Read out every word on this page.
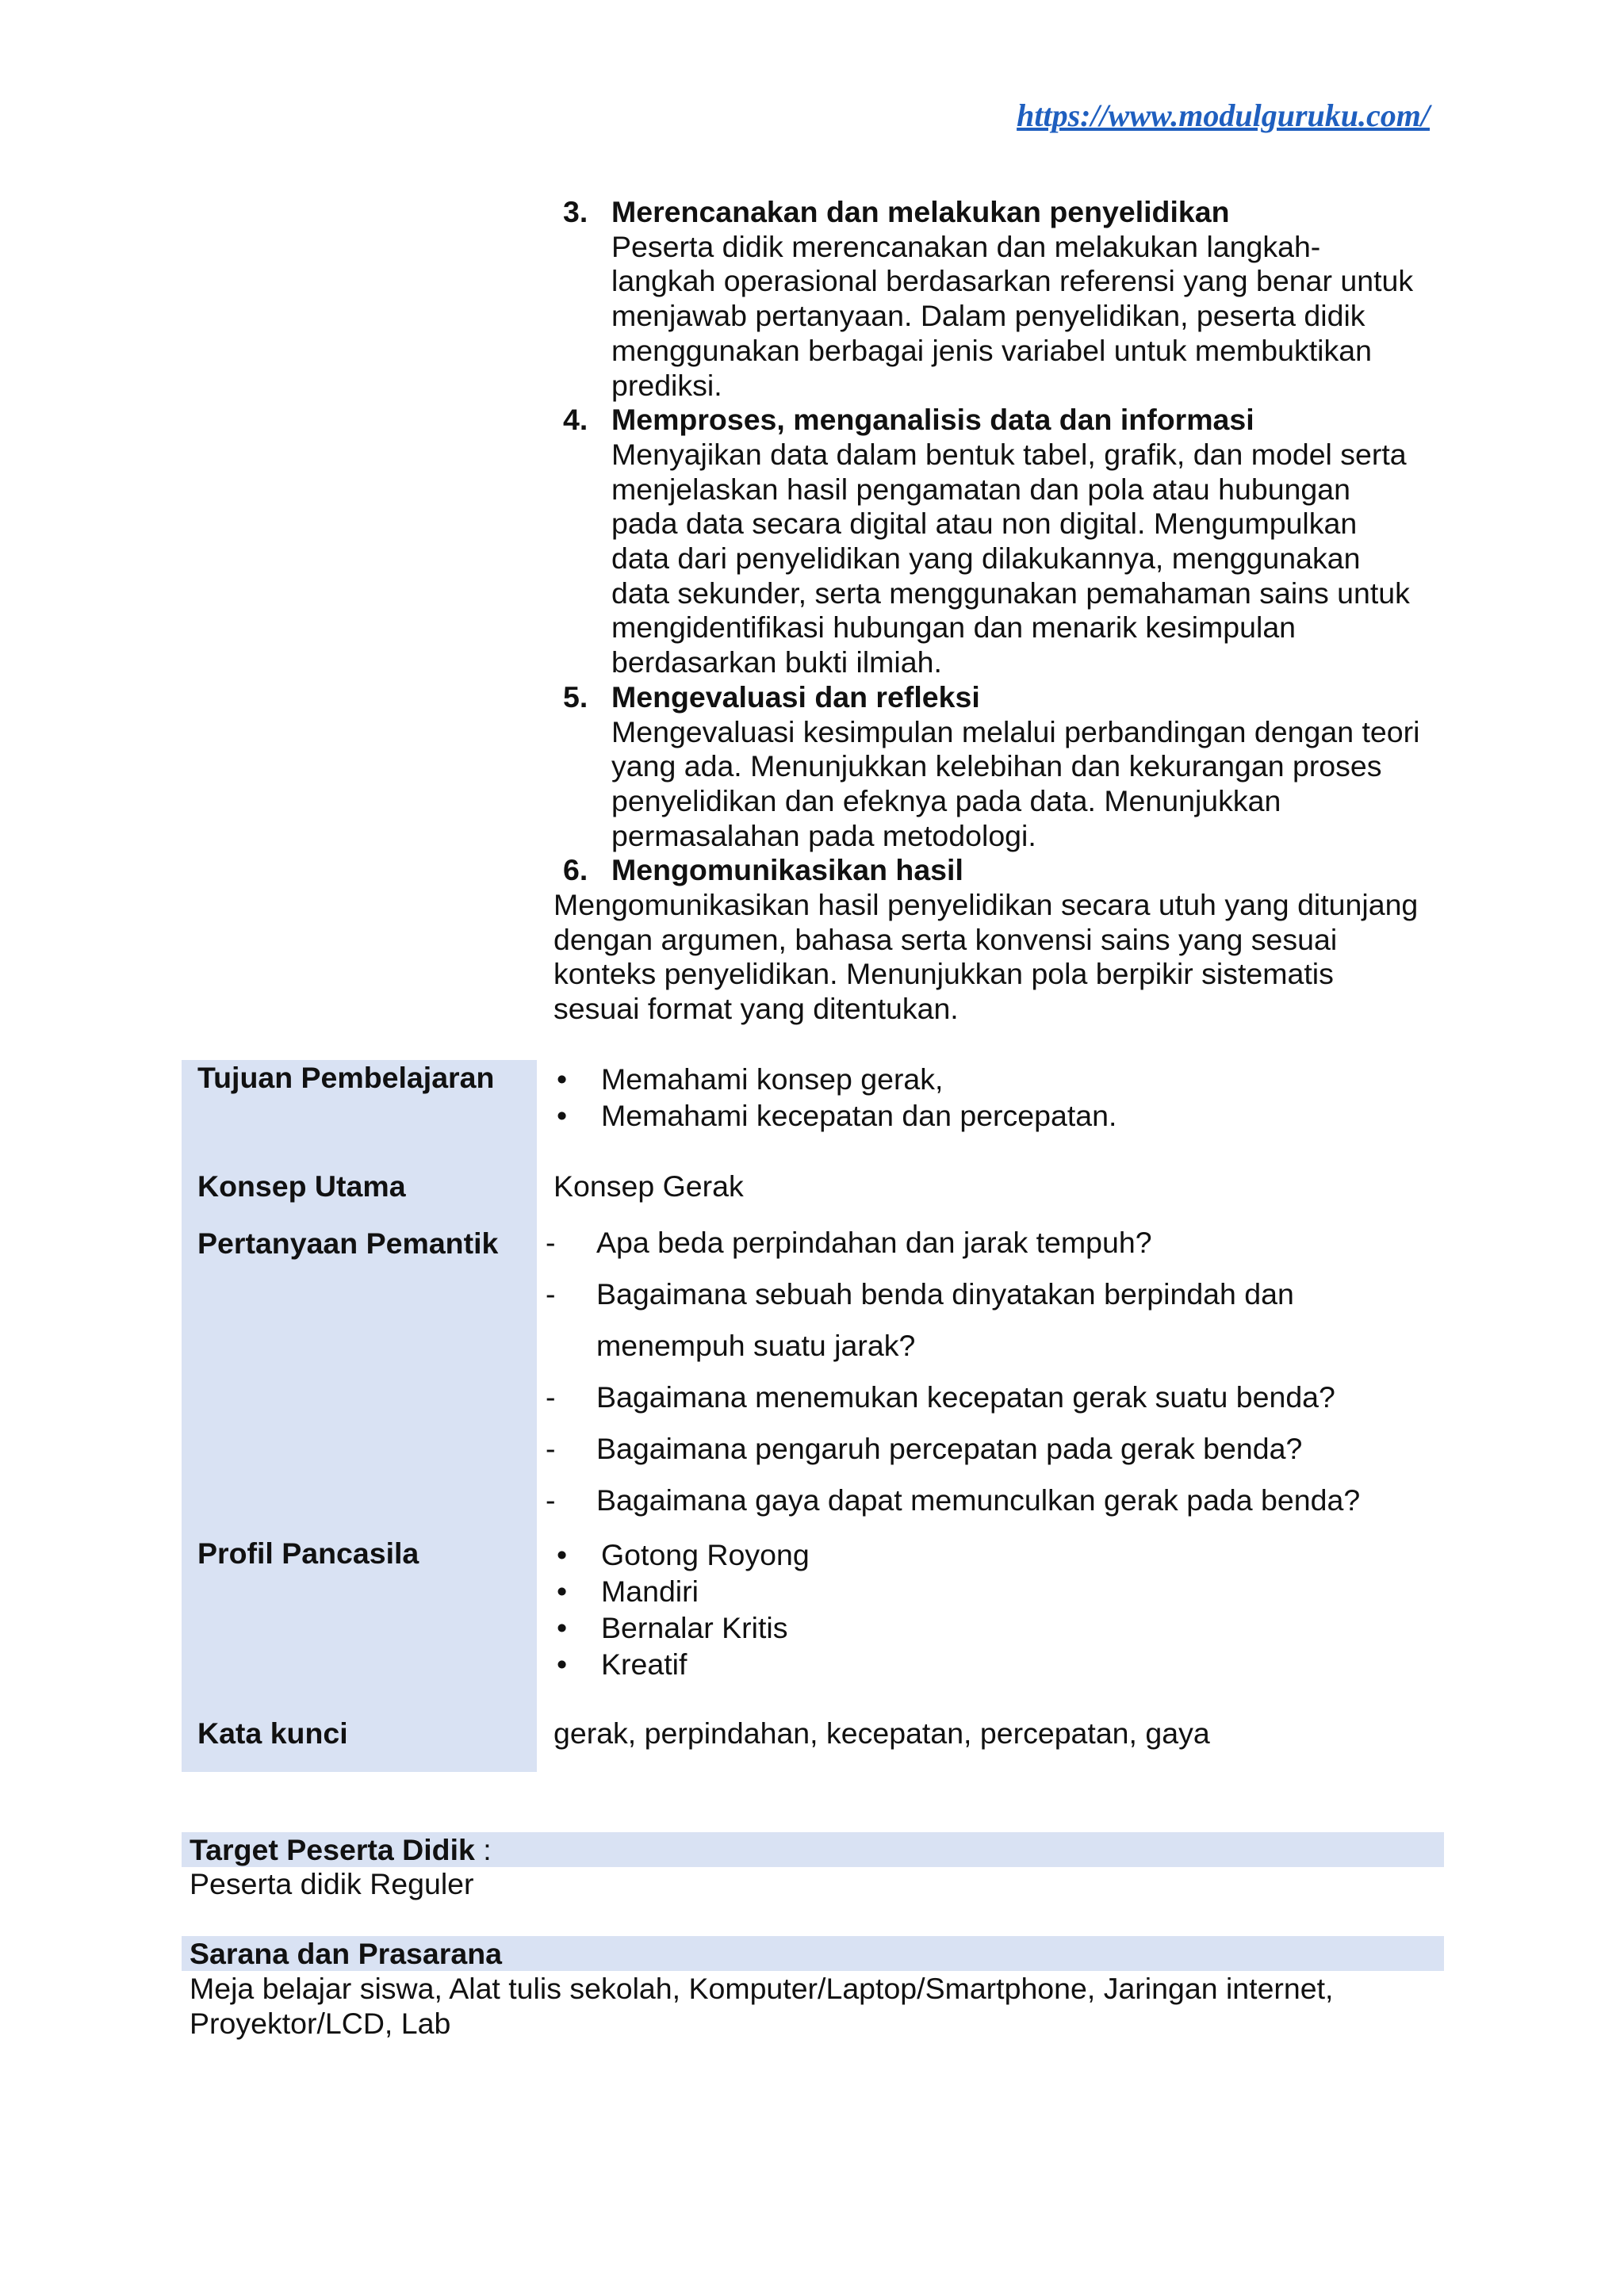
https://www.modulguruku.com/
3. Merencanakan dan melakukan penyelidikan
Peserta didik merencanakan dan melakukan langkah-
langkah operasional berdasarkan referensi yang benar untuk
menjawab pertanyaan. Dalam penyelidikan, peserta didik
menggunakan berbagai jenis variabel untuk membuktikan
prediksi.
4. Memproses, menganalisis data dan informasi
Menyajikan data dalam bentuk tabel, grafik, dan model serta
menjelaskan hasil pengamatan dan pola atau hubungan
pada data secara digital atau non digital. Mengumpulkan
data dari penyelidikan yang dilakukannya, menggunakan
data sekunder, serta menggunakan pemahaman sains untuk
mengidentifikasi hubungan dan menarik kesimpulan
berdasarkan bukti ilmiah.
5. Mengevaluasi dan refleksi
Mengevaluasi kesimpulan melalui perbandingan dengan teori
yang ada. Menunjukkan kelebihan dan kekurangan proses
penyelidikan dan efeknya pada data. Menunjukkan
permasalahan pada metodologi.
6. Mengomunikasikan hasil
Mengomunikasikan hasil penyelidikan secara utuh yang ditunjang
dengan argumen, bahasa serta konvensi sains yang sesuai
konteks penyelidikan. Menunjukkan pola berpikir sistematis
sesuai format yang ditentukan.
Tujuan Pembelajaran •	Memahami konsep gerak,
•	Memahami kecepatan dan percepatan.
Konsep Utama	Konsep Gerak
Pertanyaan Pemantik -	Apa beda perpindahan dan jarak tempuh?
-	Bagaimana sebuah benda dinyatakan berpindah dan
menempuh suatu jarak?
-	Bagaimana menemukan kecepatan gerak suatu benda?
-	Bagaimana pengaruh percepatan pada gerak benda?
-	Bagaimana gaya dapat memunculkan gerak pada benda?
Profil Pancasila	•	Gotong Royong
•	Mandiri
•	Bernalar Kritis
•	Kreatif
Kata kunci	gerak, perpindahan, kecepatan, percepatan, gaya
Target Peserta Didik :
Peserta didik Reguler
Sarana dan Prasarana
Meja belajar siswa, Alat tulis sekolah, Komputer/Laptop/Smartphone, Jaringan internet,
Proyektor/LCD, Lab
